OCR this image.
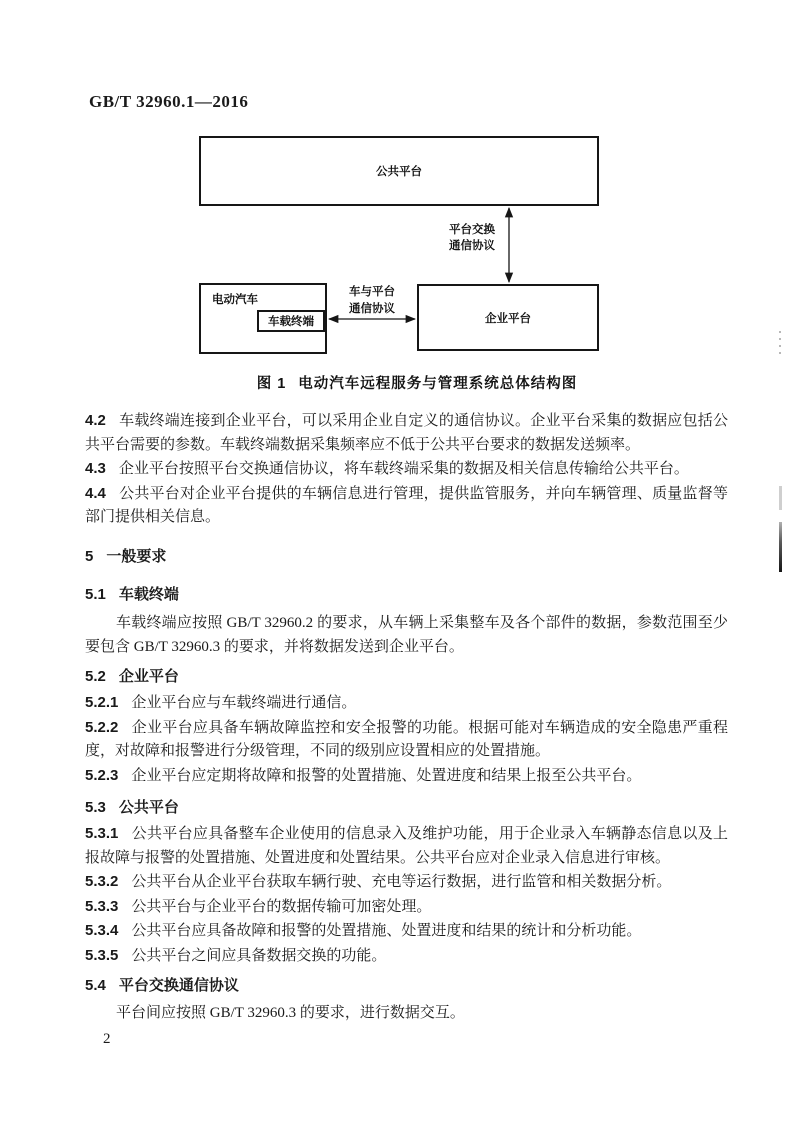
GB/T 32960.1—2016
公共平台
电动汽车
车载终端	企业平台
平台交换
通信协议
车与平台
通信协议
图 1 电动汽车远程服务与管理系统总体结构图

4.2 车载终端连接到企业平台，可以采用企业自定义的通信协议。企业平台采集的数据应包括公共平台需要的参数。车载终端数据采集频率应不低于公共平台要求的数据发送频率。

4.3 企业平台按照平台交换通信协议，将车载终端采集的数据及相关信息传输给公共平台。

4.4 公共平台对企业平台提供的车辆信息进行管理，提供监管服务，并向车辆管理、质量监督等部门提供相关信息。

5 一般要求

5.1 车载终端

车载终端应按照 GB/T 32960.2 的要求，从车辆上采集整车及各个部件的数据，参数范围至少要包含 GB/T 32960.3 的要求，并将数据发送到企业平台。

5.2 企业平台

5.2.1 企业平台应与车载终端进行通信。

5.2.2 企业平台应具备车辆故障监控和安全报警的功能。根据可能对车辆造成的安全隐患严重程度，对故障和报警进行分级管理，不同的级别应设置相应的处置措施。

5.2.3 企业平台应定期将故障和报警的处置措施、处置进度和结果上报至公共平台。

5.3 公共平台

5.3.1 公共平台应具备整车企业使用的信息录入及维护功能，用于企业录入车辆静态信息以及上报故障与报警的处置措施、处置进度和处置结果。公共平台应对企业录入信息进行审核。

5.3.2 公共平台从企业平台获取车辆行驶、充电等运行数据，进行监管和相关数据分析。

5.3.3 公共平台与企业平台的数据传输可加密处理。

5.3.4 公共平台应具备故障和报警的处置措施、处置进度和结果的统计和分析功能。

5.3.5 公共平台之间应具备数据交换的功能。

5.4 平台交换通信协议

平台间应按照 GB/T 32960.3 的要求，进行数据交互。

2
